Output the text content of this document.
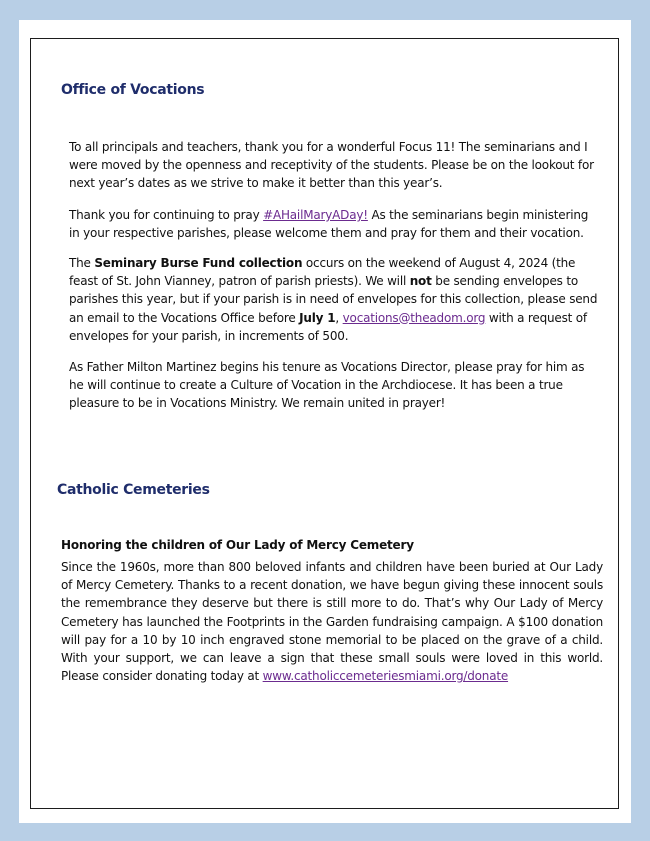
Office of Vocations

To all principals and teachers, thank you for a wonderful Focus 11! The seminarians and I were moved by the openness and receptivity of the students. Please be on the lookout for next year’s dates as we strive to make it better than this year’s.

Thank you for continuing to pray #AHailMaryADay! As the seminarians begin ministering in your respective parishes, please welcome them and pray for them and their vocation.

The Seminary Burse Fund collection occurs on the weekend of August 4, 2024 (the feast of St. John Vianney, patron of parish priests). We will not be sending envelopes to parishes this year, but if your parish is in need of envelopes for this collection, please send an email to the Vocations Office before July 1, vocations@theadom.org with a request of envelopes for your parish, in increments of 500.

As Father Milton Martinez begins his tenure as Vocations Director, please pray for him as he will continue to create a Culture of Vocation in the Archdiocese. It has been a true pleasure to be in Vocations Ministry. We remain united in prayer!

Catholic Cemeteries
Honoring the children of Our Lady of Mercy Cemetery

Since the 1960s, more than 800 beloved infants and children have been buried at Our Lady of Mercy Cemetery. Thanks to a recent donation, we have begun giving these innocent souls the remembrance they deserve but there is still more to do. That’s why Our Lady of Mercy Cemetery has launched the Footprints in the Garden fundraising campaign. A $100 donation will pay for a 10 by 10 inch engraved stone memorial to be placed on the grave of a child. With your support, we can leave a sign that these small souls were loved in this world. Please consider donating today at www.catholiccemeteriesmiami.org/donate
